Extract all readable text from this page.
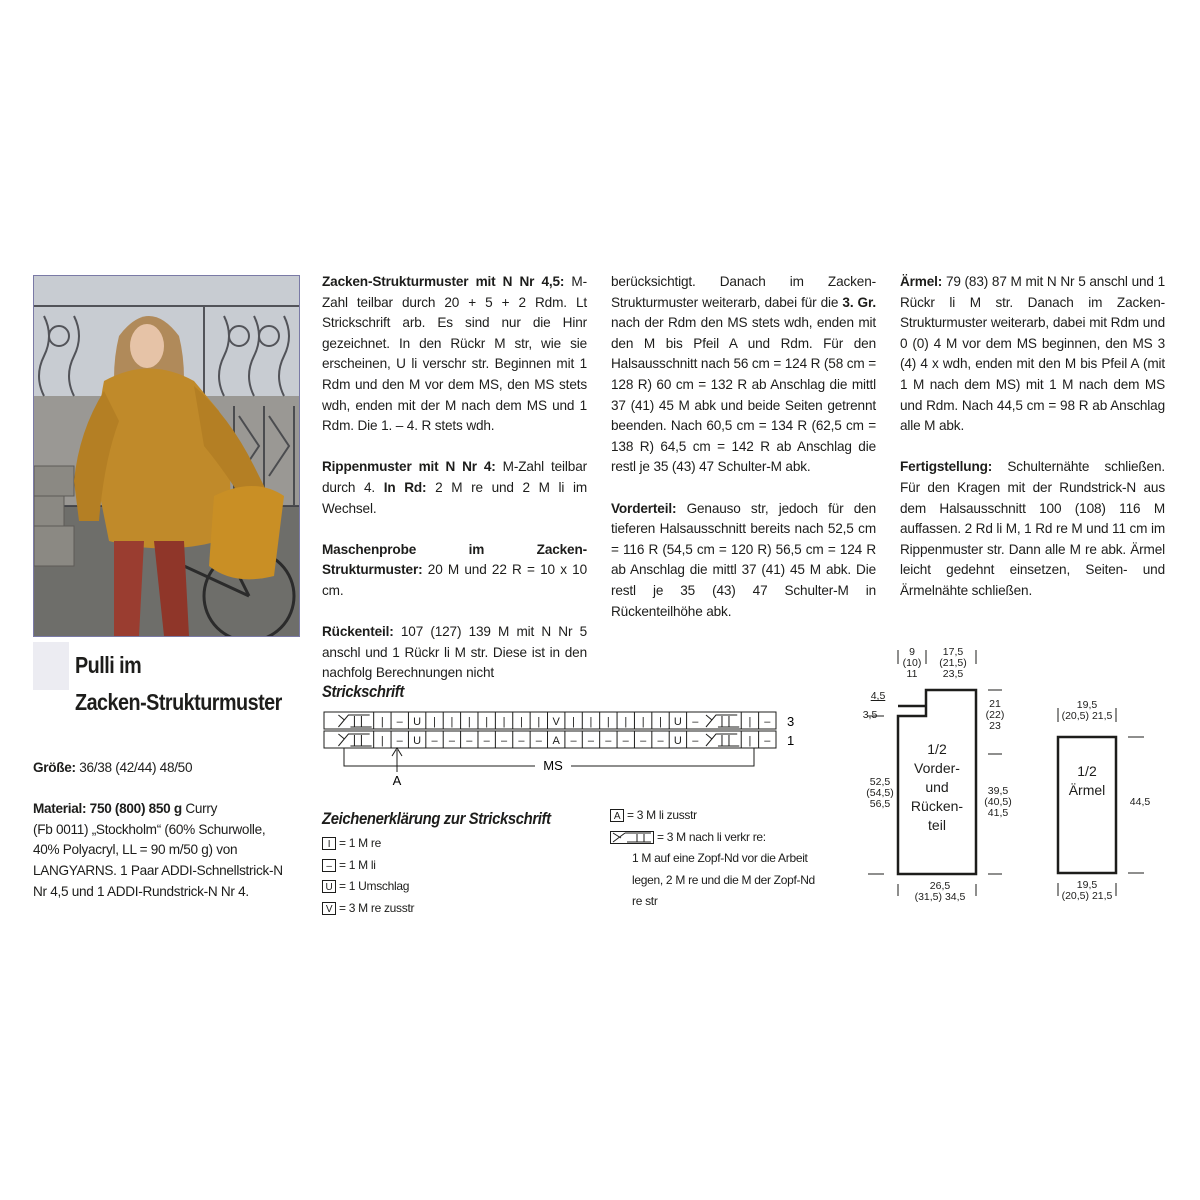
Pulli im
Zacken-Strukturmuster

Größe: 36/38 (42/44) 48/50

Material: 750 (800) 850 g Curry
(Fb 0011) „Stockholm“ (60% Schurwolle,
40% Polyacryl, LL = 90 m/50 g) von
LANGYARNS. 1 Paar ADDI-Schnellstrick-N
Nr 4,5 und 1 ADDI-Rundstrick-N Nr 4.

Zacken-Strukturmuster mit N Nr 4,5: M-Zahl teilbar durch 20 + 5 + 2 Rdm. Lt Strickschrift arb. Es sind nur die Hinr gezeichnet. In den Rückr M str, wie sie erscheinen, U li verschr str. Beginnen mit 1 Rdm und den M vor dem MS, den MS stets wdh, enden mit der M nach dem MS und 1 Rdm. Die 1. – 4. R stets wdh.

Rippenmuster mit N Nr 4: M-Zahl teilbar durch 4. In Rd: 2 M re und 2 M li im Wechsel.

Maschenprobe im Zacken-Strukturmuster: 20 M und 22 R = 10 x 10 cm.

Rückenteil: 107 (127) 139 M mit N Nr 5 anschl und 1 Rückr li M str. Diese ist in den nachfolg Berechnungen nicht

berücksichtigt. Danach im Zacken-Strukturmuster weiterarb, dabei für die 3. Gr. nach der Rdm den MS stets wdh, enden mit den M bis Pfeil A und Rdm. Für den Halsausschnitt nach 56 cm = 124 R (58 cm = 128 R) 60 cm = 132 R ab Anschlag die mittl 37 (41) 45 M abk und beide Seiten getrennt beenden. Nach 60,5 cm = 134 R (62,5 cm = 138 R) 64,5 cm = 142 R ab Anschlag die restl je 35 (43) 47 Schulter-M abk.

Vorderteil: Genauso str, jedoch für den tieferen Halsausschnitt bereits nach 52,5 cm = 116 R (54,5 cm = 120 R) 56,5 cm = 124 R ab Anschlag die mittl 37 (41) 45 M abk. Die restl je 35 (43) 47 Schulter-M in Rückenteilhöhe abk.

Ärmel: 79 (83) 87 M mit N Nr 5 anschl und 1 Rückr li M str. Danach im Zacken-Strukturmuster weiterarb, dabei mit Rdm und 0 (0) 4 M vor dem MS beginnen, den MS 3 (4) 4 x wdh, enden mit den M bis Pfeil A (mit 1 M nach dem MS) mit 1 M nach dem MS und Rdm. Nach 44,5 cm = 98 R ab Anschlag alle M abk.

Fertigstellung: Schulternähte schließen. Für den Kragen mit der Rundstrick-N aus dem Halsausschnitt 100 (108) 116 M auffassen. 2 Rd li M, 1 Rd re M und 11 cm im Rippenmuster str. Dann alle M re abk. Ärmel leicht gedehnt einsetzen, Seiten- und Ärmelnähte schließen.

Strickschrift
| – U | | | | | | | V | | | | | | U –	| –
| – U – – – – – – – A – – – – – – U –	| –
3
1
MS
A
Zeichenerklärung zur Strickschrift
I = 1 M re
– = 1 M li
U = 1 Umschlag
V = 3 M re zusstr
A = 3 M li zusstr
= 3 M nach li verkr re:
1 M auf eine Zopf-Nd vor die Arbeit
legen, 2 M re und die M der Zopf-Nd
re str
9
(10)
11
17,5
(21,5)
23,5
4,5
3,5
21
(22)
23
52,5
(54,5)
56,5
39,5
(40,5)
41,5
1/2
Vorder-
und
Rücken-
teil
26,5
(31,5) 34,5
19,5
(20,5) 21,5
1/2
Ärmel
44,5
19,5
(20,5) 21,5
